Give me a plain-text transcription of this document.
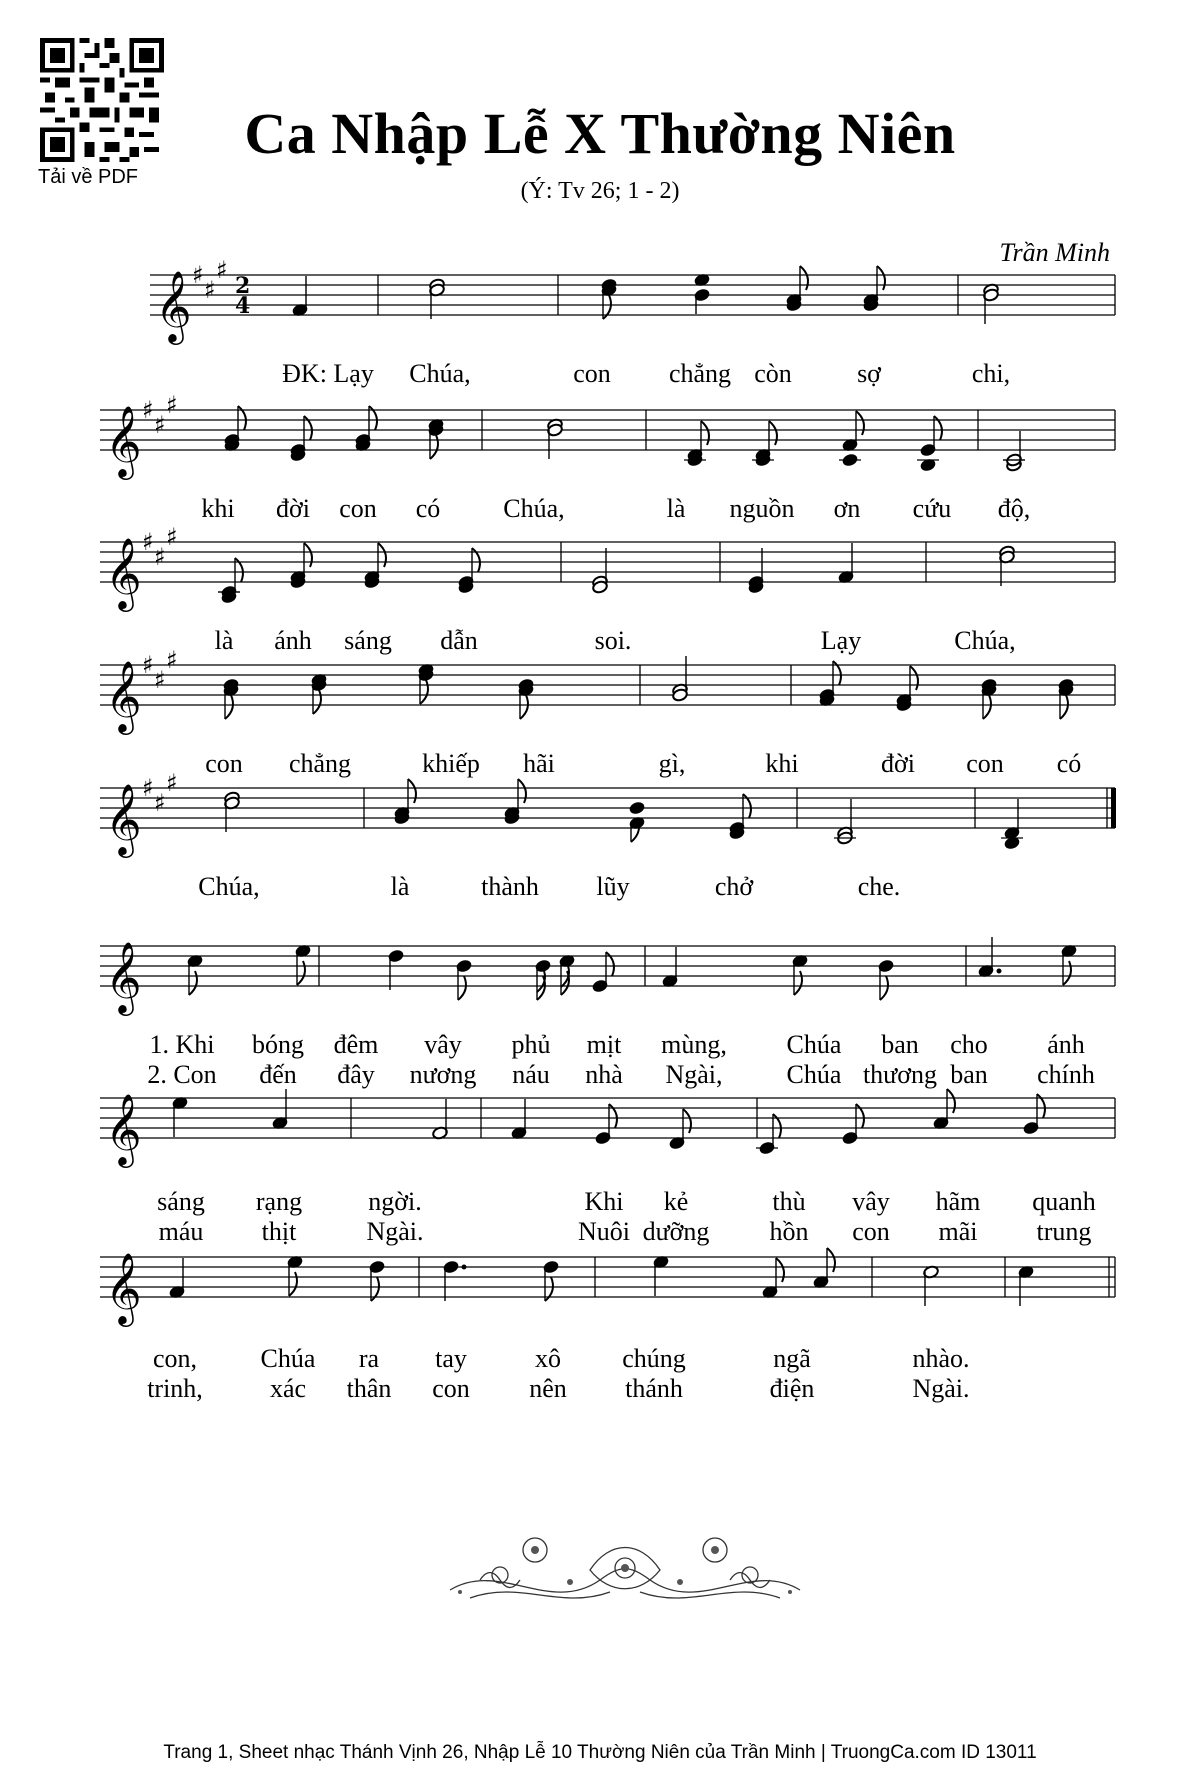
Tải về PDF
Ca Nhập Lễ X Thường Niên
(Ý: Tv 26; 1 - 2)
Trần Minh
𝄞 ♯
♯
♯
2
4
ĐK: Lạy Chúa,	con chẳng còn	sợ	chi,
𝄞 ♯
♯
♯
khi đời con có Chúa,	là nguồn ơn cứu độ,
𝄞 ♯
♯
♯
là ánh sáng dẫn	soi.	Lạy	Chúa,
𝄞 ♯
♯
♯
con chẳng	khiếp hãi	gì,	khi	đời con có
𝄞 ♯
♯
♯
Chúa,	là	thành lũy	chở	che.
𝄞
1. Khi bóng đêm vây phủ mịt mùng, Chúa ban cho ánh
2. Con đến đây nương náu nhà Ngài, Chúa thương ban chính
𝄞
sáng rạng	ngời.	Khi kẻ	thù vây hãm quanh
máu thịt	Ngài.	Nuôi dưỡng hồn con mãi trung
𝄞
con, Chúa ra tay	xô chúng	ngã	nhào.
trinh,	xác thân con nên thánh	điện	Ngài.
Trang 1, Sheet nhạc Thánh Vịnh 26, Nhập Lễ 10 Thường Niên của Trần Minh | TruongCa.com ID 13011
